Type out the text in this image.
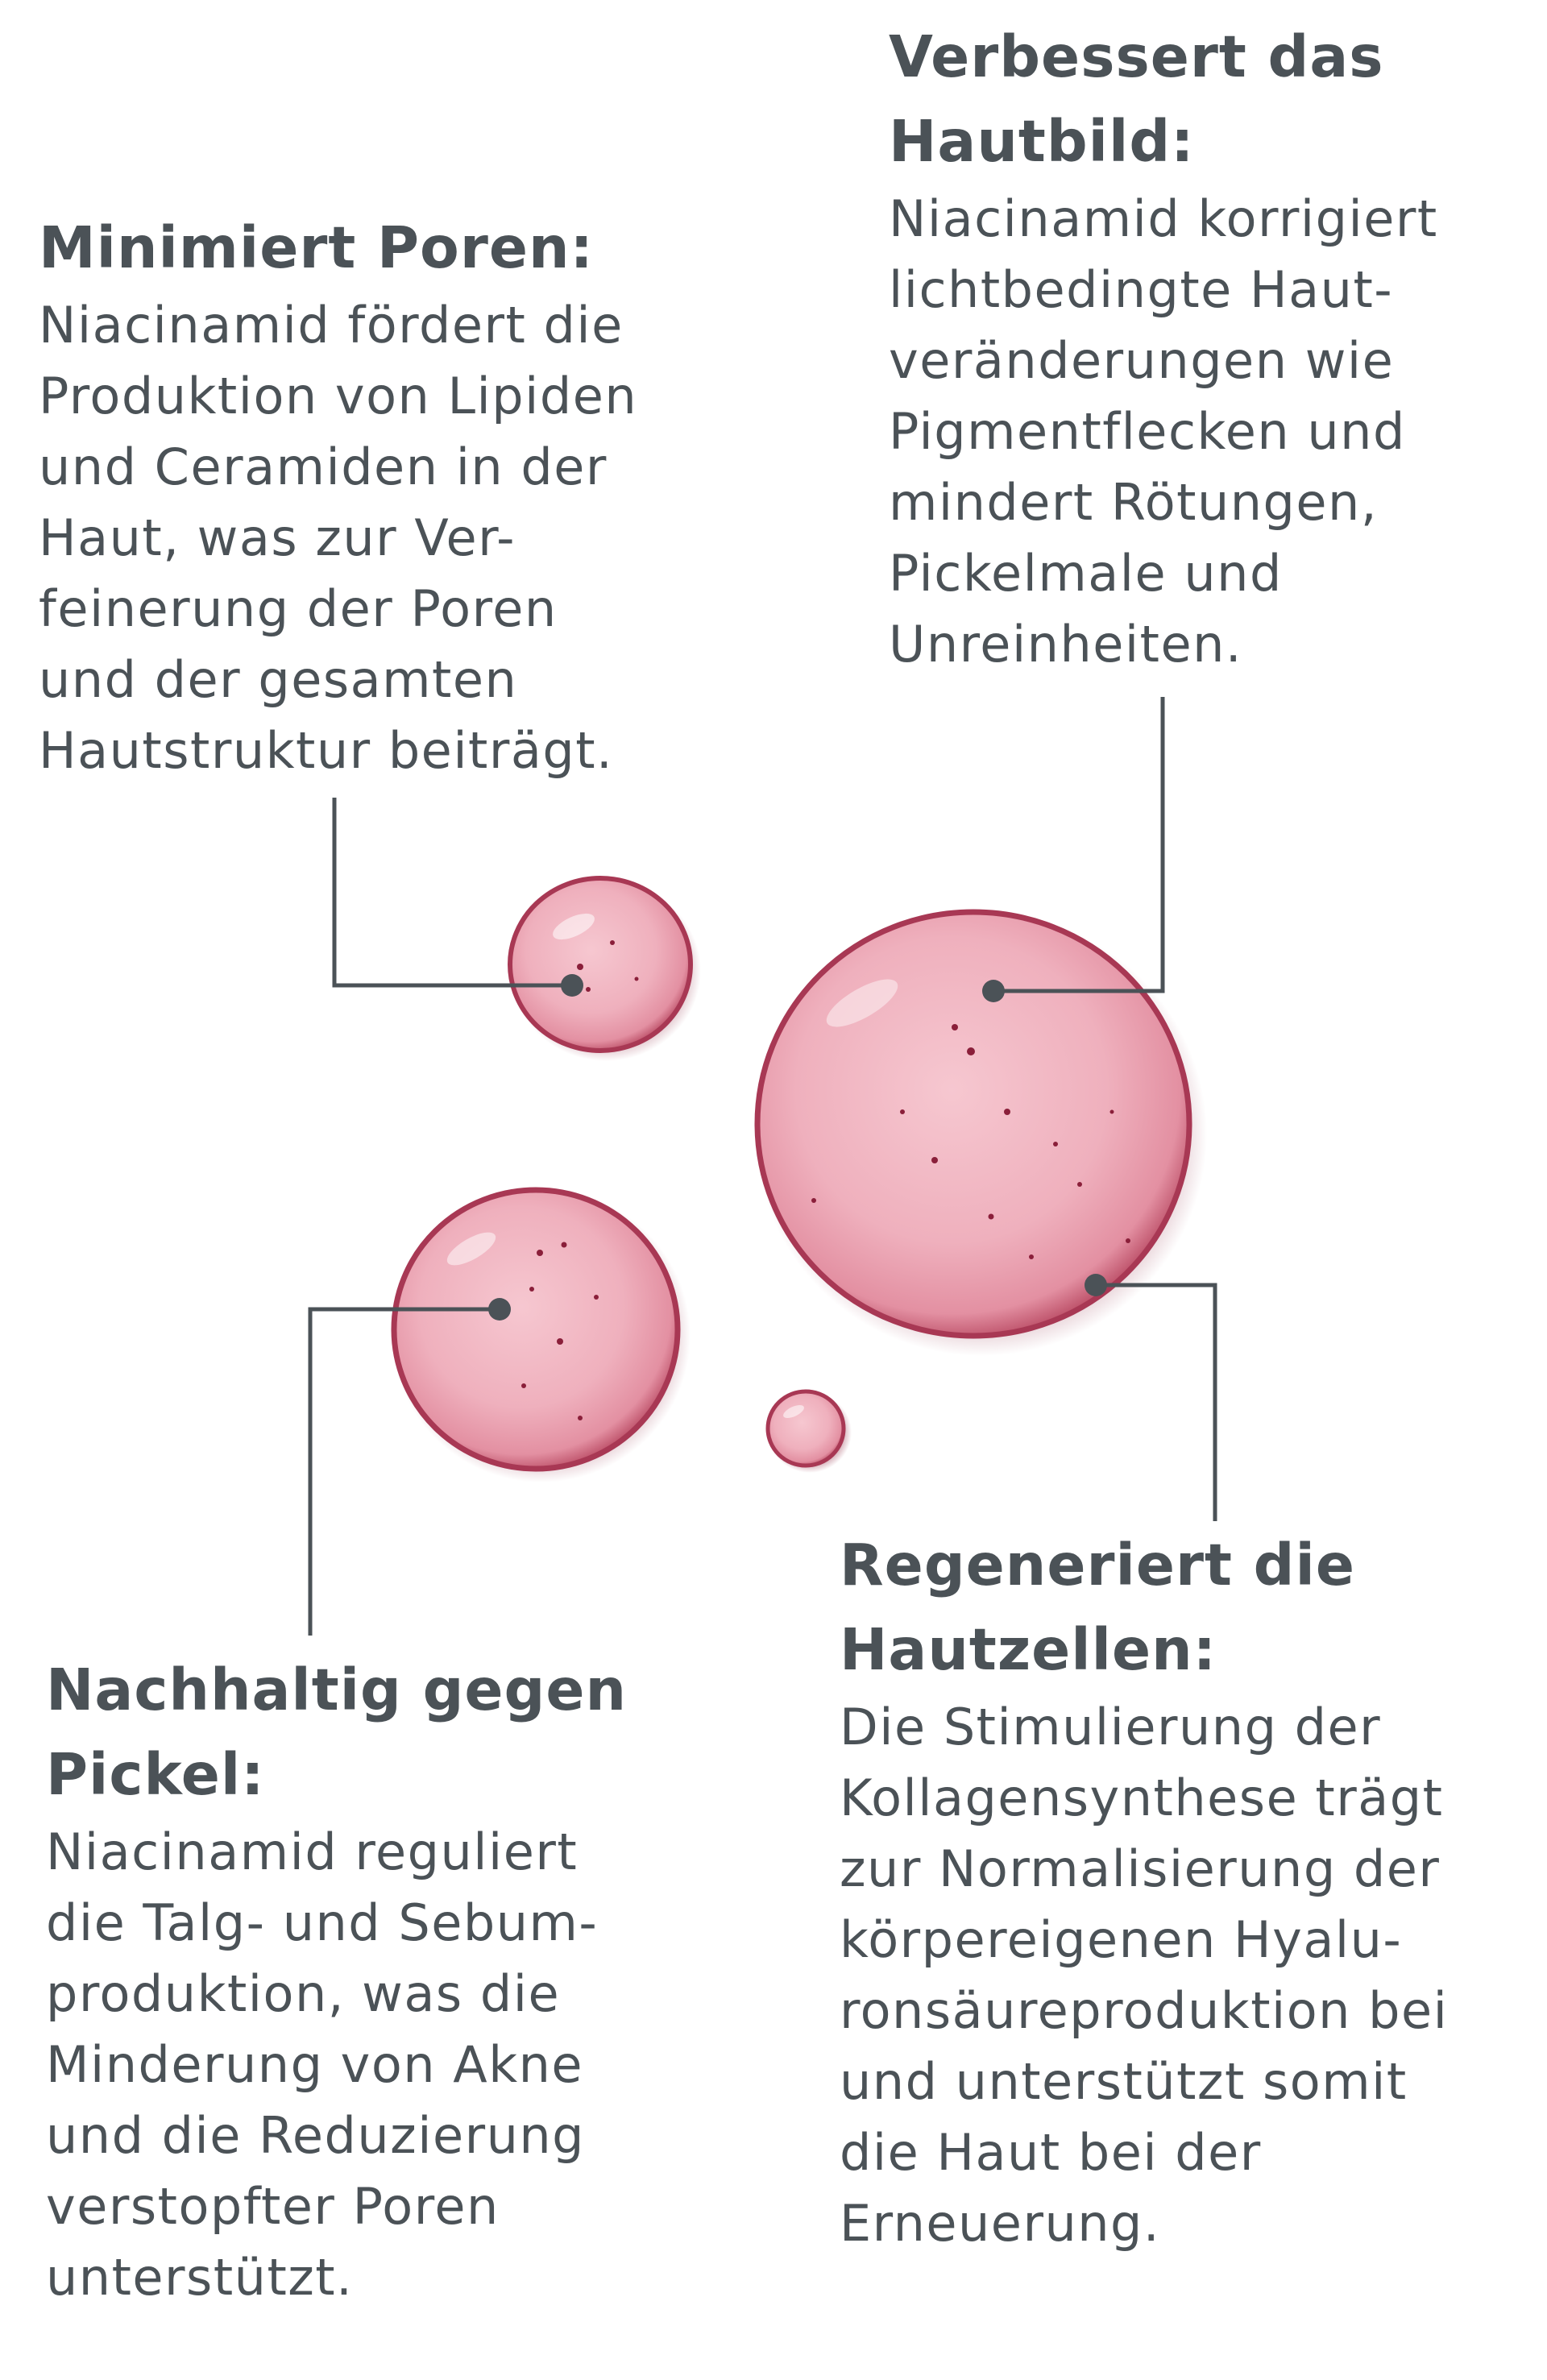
Minimiert Poren:
Niacinamid fördert die
Produktion von Lipiden
und Ceramiden in der
Haut, was zur Ver-
feinerung der Poren
und der gesamten
Hautstruktur beiträgt.
Verbessert das
Hautbild:
Niacinamid korrigiert
lichtbedingte Haut-
veränderungen wie
Pigmentflecken und
mindert Rötungen,
Pickelmale und
Unreinheiten.
Nachhaltig gegen
Pickel:
Niacinamid reguliert
die Talg- und Sebum-
produktion, was die
Minderung von Akne
und die Reduzierung
verstopfter Poren
unterstützt.
Regeneriert die
Hautzellen:
Die Stimulierung der
Kollagensynthese trägt
zur Normalisierung der
körpereigenen Hyalu-
ronsäureproduktion bei
und unterstützt somit
die Haut bei der
Erneuerung.
